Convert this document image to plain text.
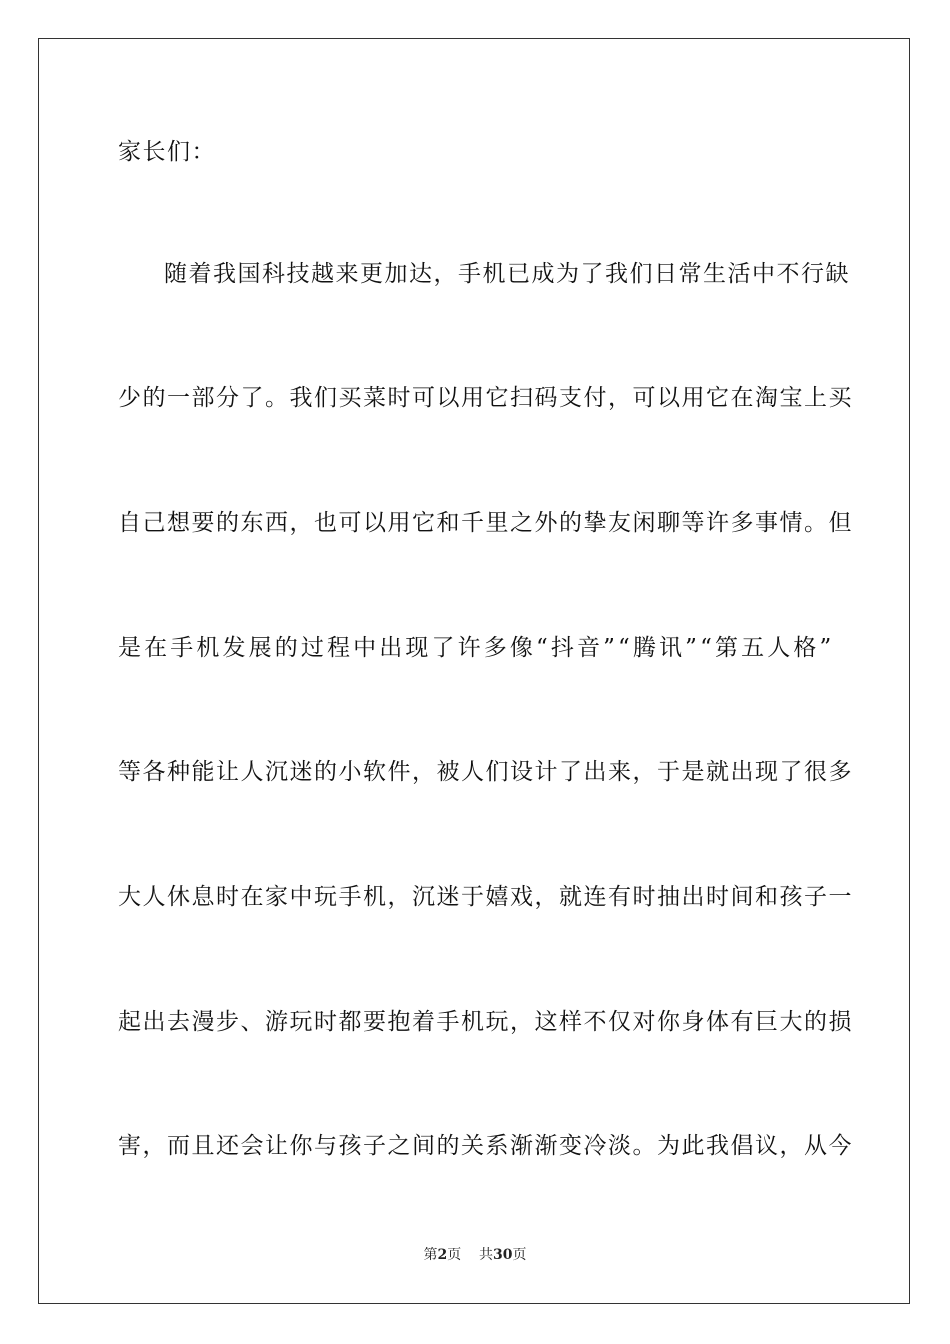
家长们：
随 着 我 国 科 技 越 来 更 加 达 ， 手 机 已 成 为 了 我 们 日 常 生 活 中 不 行 缺
少 的 一 部 分 了 。 我 们 买 菜 时 可 以 用 它 扫 码 支 付 ， 可 以 用 它 在 淘 宝 上 买
自 己 想 要 的 东 西 ， 也 可 以 用 它 和 千 里 之 外 的 挚 友 闲 聊 等 许 多 事 情 。 但
是 在 手 机 发 展 的 过 程 中 出 现 了 许 多 像 “ 抖 音 ” “ 腾 讯 ” “ 第 五 人 格 ”
等 各 种 能 让 人 沉 迷 的 小 软 件 ， 被 人 们 设 计 了 出 来 ， 于 是 就 出 现 了 很 多
大 人 休 息 时 在 家 中 玩 手 机 ， 沉 迷 于 嬉 戏 ， 就 连 有 时 抽 出 时 间 和 孩 子 一
起 出 去 漫 步 、 游 玩 时 都 要 抱 着 手 机 玩 ， 这 样 不 仅 对 你 身 体 有 巨 大 的 损
害 ， 而 且 还 会 让 你 与 孩 子 之 间 的 关 系 渐 渐 变 冷 淡 。 为 此 我 倡 议 ， 从 今
第2页 共30页
